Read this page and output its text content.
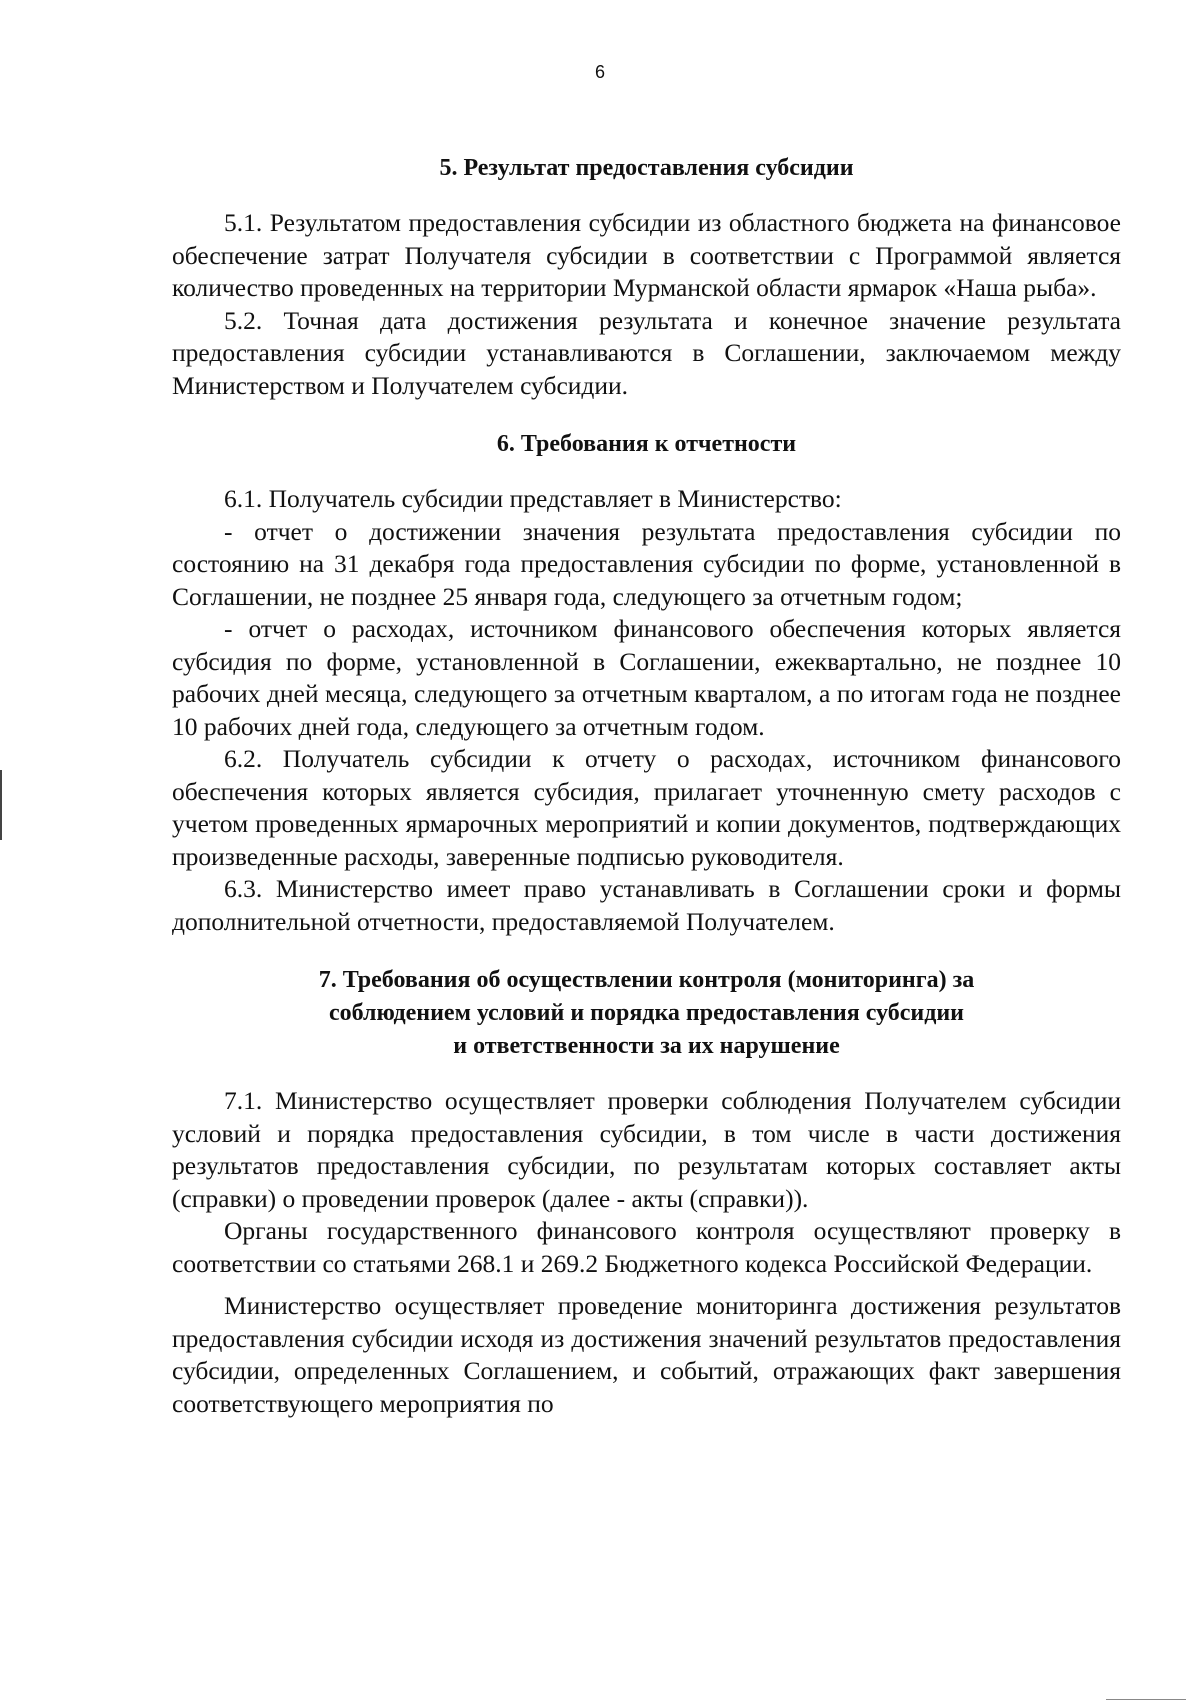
6
5. Результат предоставления субсидии

5.1. Результатом предоставления субсидии из областного бюджета на финансовое обеспечение затрат Получателя субсидии в соответствии с Программой является количество проведенных на территории Мурманской области ярмарок «Наша рыба».

5.2. Точная дата достижения результата и конечное значение результата предоставления субсидии устанавливаются в Соглашении, заключаемом между Министерством и Получателем субсидии.

6. Требования к отчетности

6.1. Получатель субсидии представляет в Министерство:

- отчет о достижении значения результата предоставления субсидии по состоянию на 31 декабря года предоставления субсидии по форме, установленной в Соглашении, не позднее 25 января года, следующего за отчетным годом;

- отчет о расходах, источником финансового обеспечения которых является субсидия по форме, установленной в Соглашении, ежеквартально, не позднее 10 рабочих дней месяца, следующего за отчетным кварталом, а по итогам года не позднее 10 рабочих дней года, следующего за отчетным годом.

6.2. Получатель субсидии к отчету о расходах, источником финансового обеспечения которых является субсидия, прилагает уточненную смету расходов с учетом проведенных ярмарочных мероприятий и копии документов, подтверждающих произведенные расходы, заверенные подписью руководителя.

6.3. Министерство имеет право устанавливать в Соглашении сроки и формы дополнительной отчетности, предоставляемой Получателем.

7. Требования об осуществлении контроля (мониторинга) за
соблюдением условий и порядка предоставления субсидии
и ответственности за их нарушение

7.1. Министерство осуществляет проверки соблюдения Получателем субсидии условий и порядка предоставления субсидии, в том числе в части достижения результатов предоставления субсидии, по результатам которых составляет акты (справки) о проведении проверок (далее - акты (справки)).

Органы государственного финансового контроля осуществляют проверку в соответствии со статьями 268.1 и 269.2 Бюджетного кодекса Российской Федерации.

Министерство осуществляет проведение мониторинга достижения результатов предоставления субсидии исходя из достижения значений результатов предоставления субсидии, определенных Соглашением, и событий, отражающих факт завершения соответствующего мероприятия по
